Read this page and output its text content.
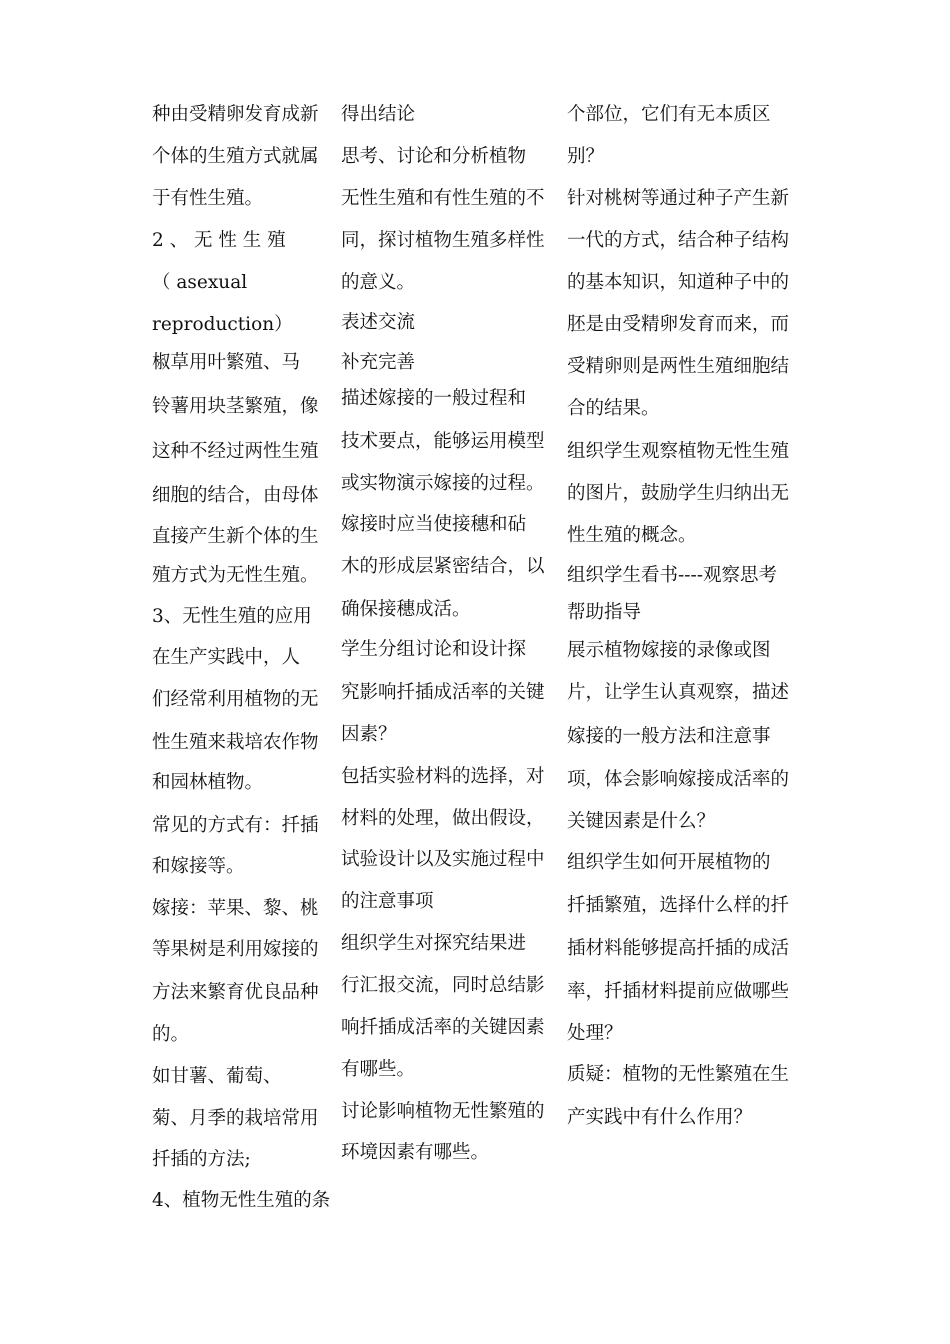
种由受精卵发育成新

个体的生殖方式就属

于有性生殖。

2 、 无 性 生 殖

（ asexual

reproduction）

椒草用叶繁殖、马

铃薯用块茎繁殖，像

这种不经过两性生殖

细胞的结合，由母体

直接产生新个体的生

殖方式为无性生殖。

3、无性生殖的应用

在生产实践中，人

们经常利用植物的无

性生殖来栽培农作物

和园林植物。

常见的方式有：扦插

和嫁接等。

嫁接：苹果、黎、桃

等果树是利用嫁接的

方法来繁育优良品种

的。

如甘薯、葡萄、

菊、月季的栽培常用

扦插的方法;

4、植物无性生殖的条

得出结论

思考、讨论和分析植物

无性生殖和有性生殖的不

同，探讨植物生殖多样性

的意义。

表述交流

补充完善

描述嫁接的一般过程和

技术要点，能够运用模型

或实物演示嫁接的过程。

嫁接时应当使接穗和砧

木的形成层紧密结合，以

确保接穗成活。

学生分组讨论和设计探

究影响扦插成活率的关键

因素？

包括实验材料的选择，对

材料的处理，做出假设，

试验设计以及实施过程中

的注意事项

组织学生对探究结果进

行汇报交流，同时总结影

响扦插成活率的关键因素

有哪些。

讨论影响植物无性繁殖的

环境因素有哪些。

个部位，它们有无本质区

别？

针对桃树等通过种子产生新

一代的方式，结合种子结构

的基本知识，知道种子中的

胚是由受精卵发育而来，而

受精卵则是两性生殖细胞结

合的结果。

组织学生观察植物无性生殖

的图片，鼓励学生归纳出无

性生殖的概念。

组织学生看书----观察思考

帮助指导

展示植物嫁接的录像或图

片，让学生认真观察，描述

嫁接的一般方法和注意事

项，体会影响嫁接成活率的

关键因素是什么？

组织学生如何开展植物的

扦插繁殖，选择什么样的扦

插材料能够提高扦插的成活

率，扦插材料提前应做哪些

处理？

质疑：植物的无性繁殖在生

产实践中有什么作用？
